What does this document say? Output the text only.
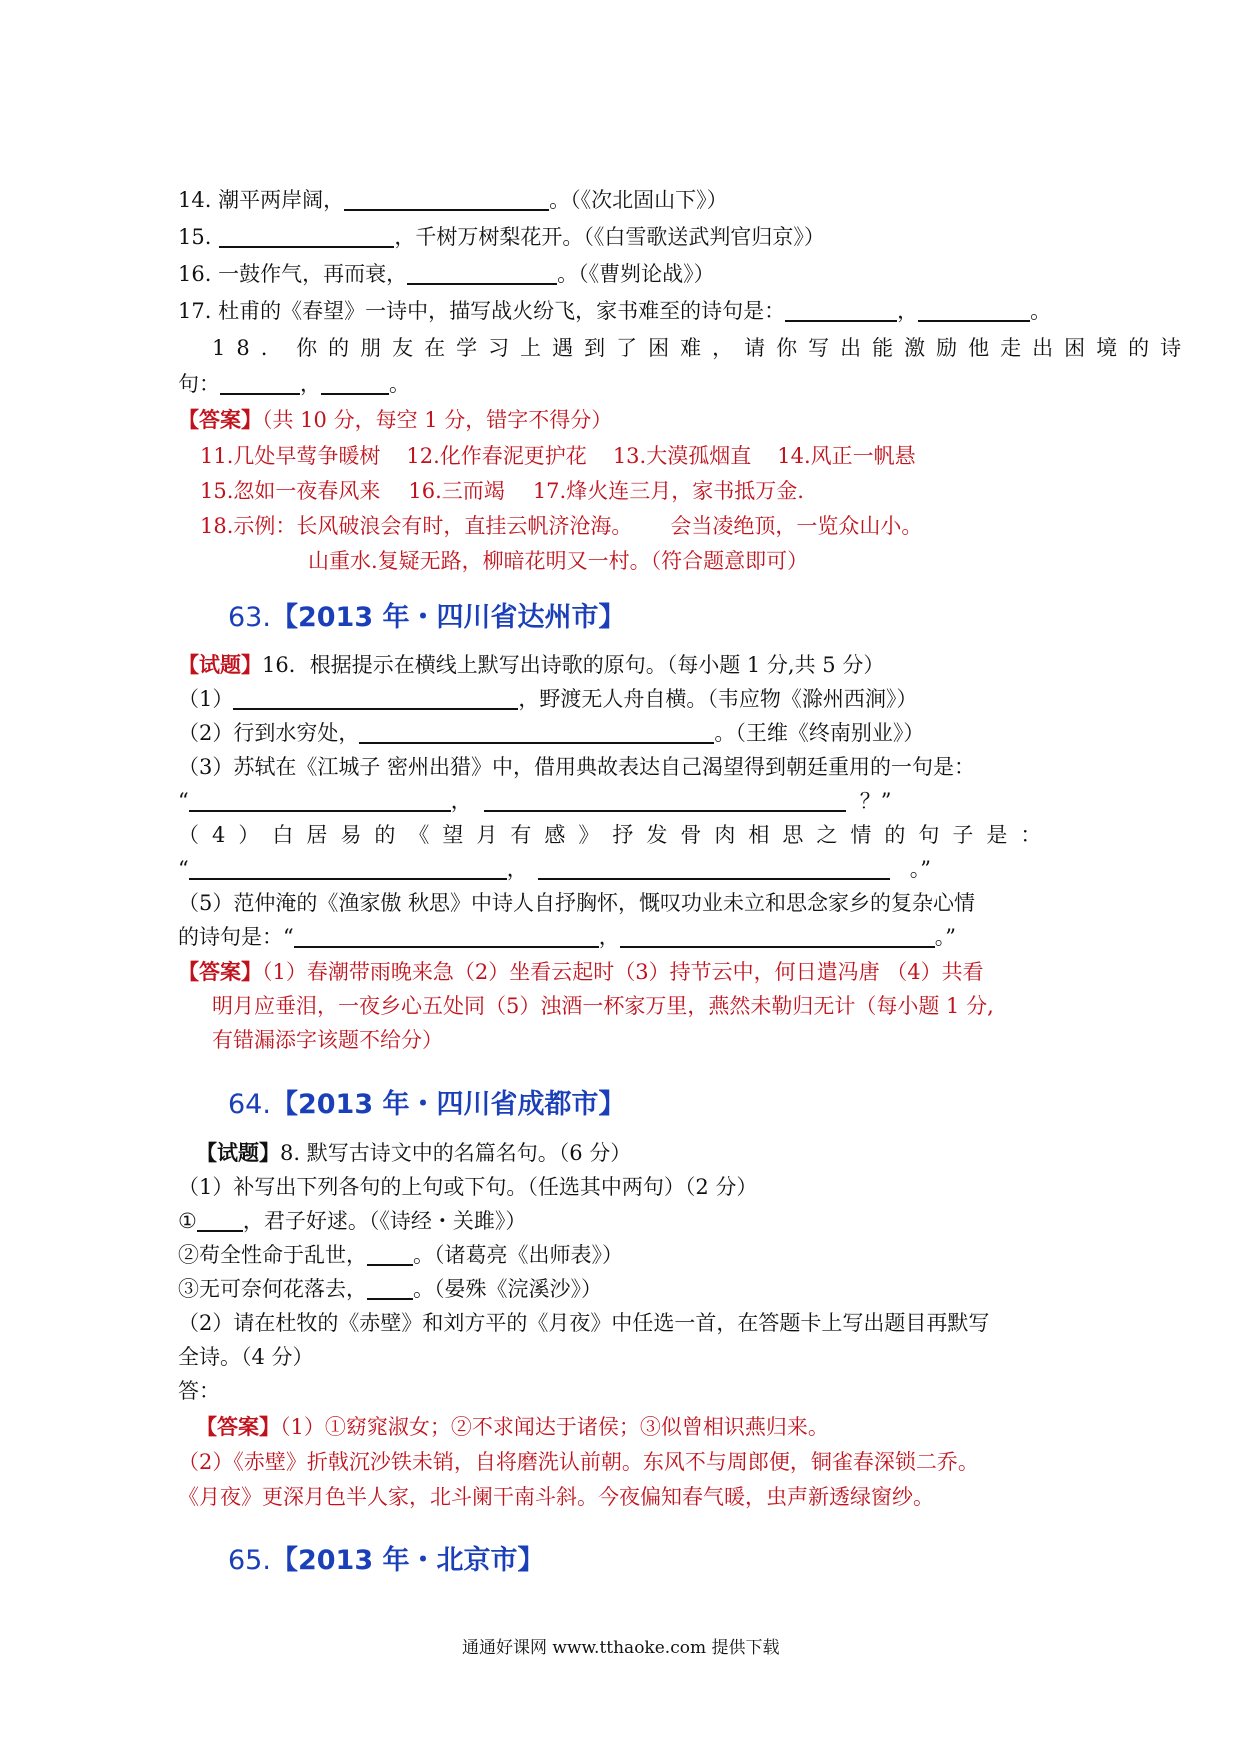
14. 潮平两岸阔，	。（《次北固山下》）
15.	，千树万树梨花开。（《白雪歌送武判官归京》）
16. 一鼓作气，再而衰，	。（《曹刿论战》）
17. 杜甫的《春望》一诗中，描写战火纷飞，家书难至的诗句是：	，	。
18. 你的朋友在学习上遇到了困难，请你写出能激励他走出困境的诗
句：	，	。
【答案】（共 10 分，每空 1 分，错字不得分）
11.几处早莺争暖树 12.化作春泥更护花 13.大漠孤烟直 14.风正一帆悬
15.忽如一夜春风来 16.三而竭 17.烽火连三月，家书抵万金.
18.示例：长风破浪会有时，直挂云帆济沧海。 会当凌绝顶，一览众山小。
山重水.复疑无路，柳暗花明又一村。（符合题意即可）
63.【2013 年・四川省达州市】
【试题】16．根据提示在横线上默写出诗歌的原句。（每小题 1 分,共 5 分）
（1）	，野渡无人舟自横。（韦应物《滁州西涧》）
（2）行到水穷处，	。（王维《终南别业》）
（3）苏轼在《江城子 密州出猎》中，借用典故表达自己渴望得到朝廷重用的一句是：
“	，	？”
（4）白居易的《望月有感》抒发骨肉相思之情的句子是：
“	，	。”
（5）范仲淹的《渔家傲 秋思》中诗人自抒胸怀，慨叹功业未立和思念家乡的复杂心情
的诗句是：“	，	。”
【答案】（1）春潮带雨晚来急（2）坐看云起时（3）持节云中，何日遣冯唐 （4）共看
明月应垂泪，一夜乡心五处同（5）浊酒一杯家万里，燕然未勒归无计（每小题 1 分,
有错漏添字该题不给分）
64.【2013 年・四川省成都市】
【试题】8. 默写古诗文中的名篇名句。（6 分）
（1）补写出下列各句的上句或下句。（任选其中两句）（2 分）
① ，君子好逑。（《诗经・关雎》）
②苟全性命于乱世， 。（诸葛亮《出师表》）
③无可奈何花落去， 。（晏殊《浣溪沙》）
（2）请在杜牧的《赤壁》和刘方平的《月夜》中任选一首，在答题卡上写出题目再默写
全诗。（4 分）
答：
【答案】（1）①窈窕淑女；②不求闻达于诸侯；③似曾相识燕归来。
（2）《赤壁》折戟沉沙铁未销，自将磨洗认前朝。东风不与周郎便，铜雀春深锁二乔。
《月夜》更深月色半人家，北斗阑干南斗斜。今夜偏知春气暖，虫声新透绿窗纱。
65.【2013 年・北京市】
通通好课网 www.tthaoke.com 提供下载
